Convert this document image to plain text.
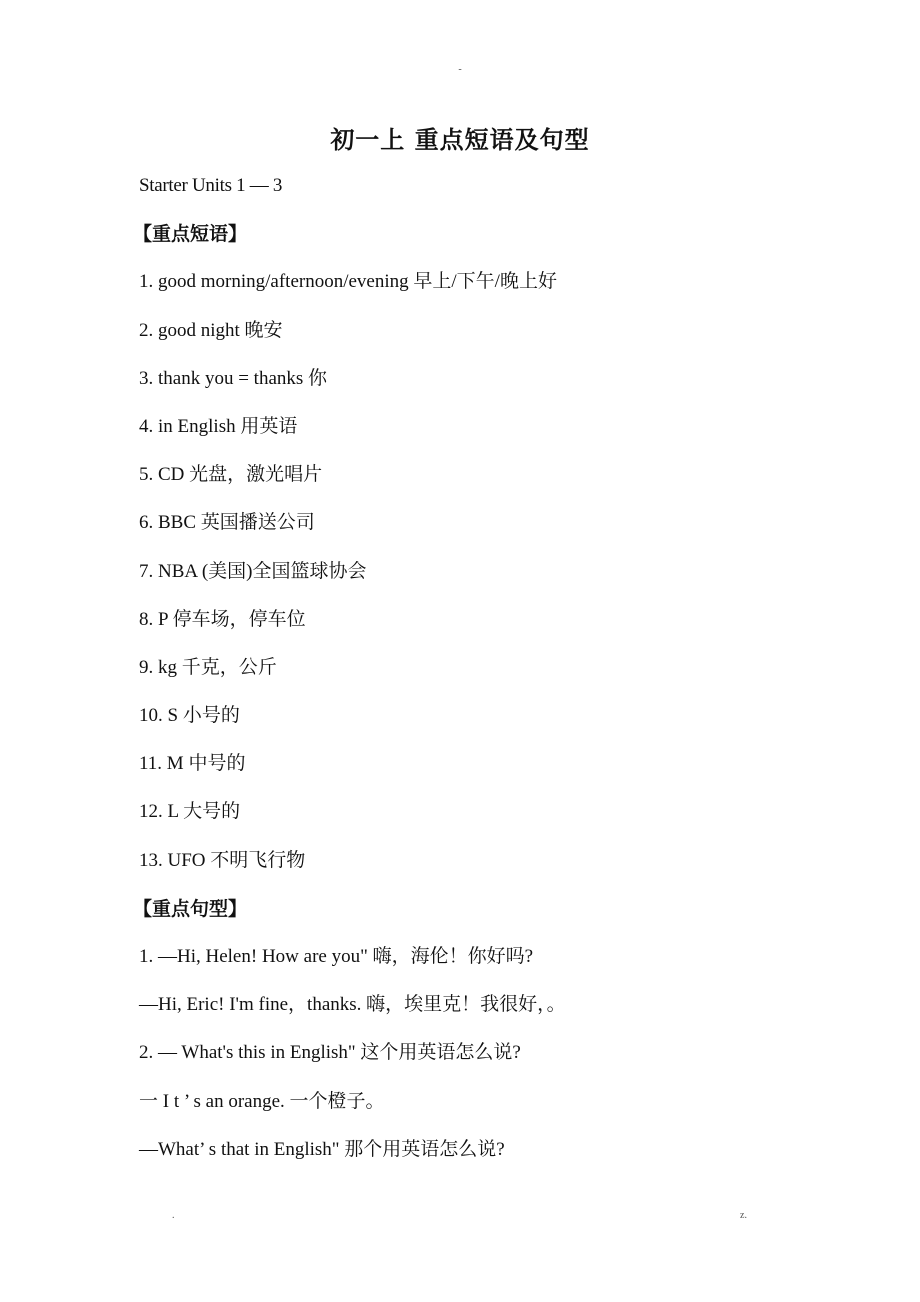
-
初一上 重点短语及句型
Starter Units 1 — 3
【重点短语】
1. good morning/afternoon/evening 早上/下午/晚上好
2. good night 晚安
3. thank you = thanks 你
4. in English 用英语
5. CD 光盘，激光唱片
6. BBC 英国播送公司
7. NBA (美国)全国篮球协会
8. P 停车场，停车位
9. kg 千克，公斤
10. S 小号的
11. M 中号的
12. L 大号的
13. UFO 不明飞行物
【重点句型】
1. —Hi, Helen! How are you" 嗨，海伦！你好吗?
—Hi, Eric! I'm fine，thanks. 嗨，埃里克！我很好，。
2. — What's this in English" 这个用英语怎么说?
一 I t ’ s an orange. 一个橙子。
—What’ s that in English" 那个用英语怎么说?
.	z.
